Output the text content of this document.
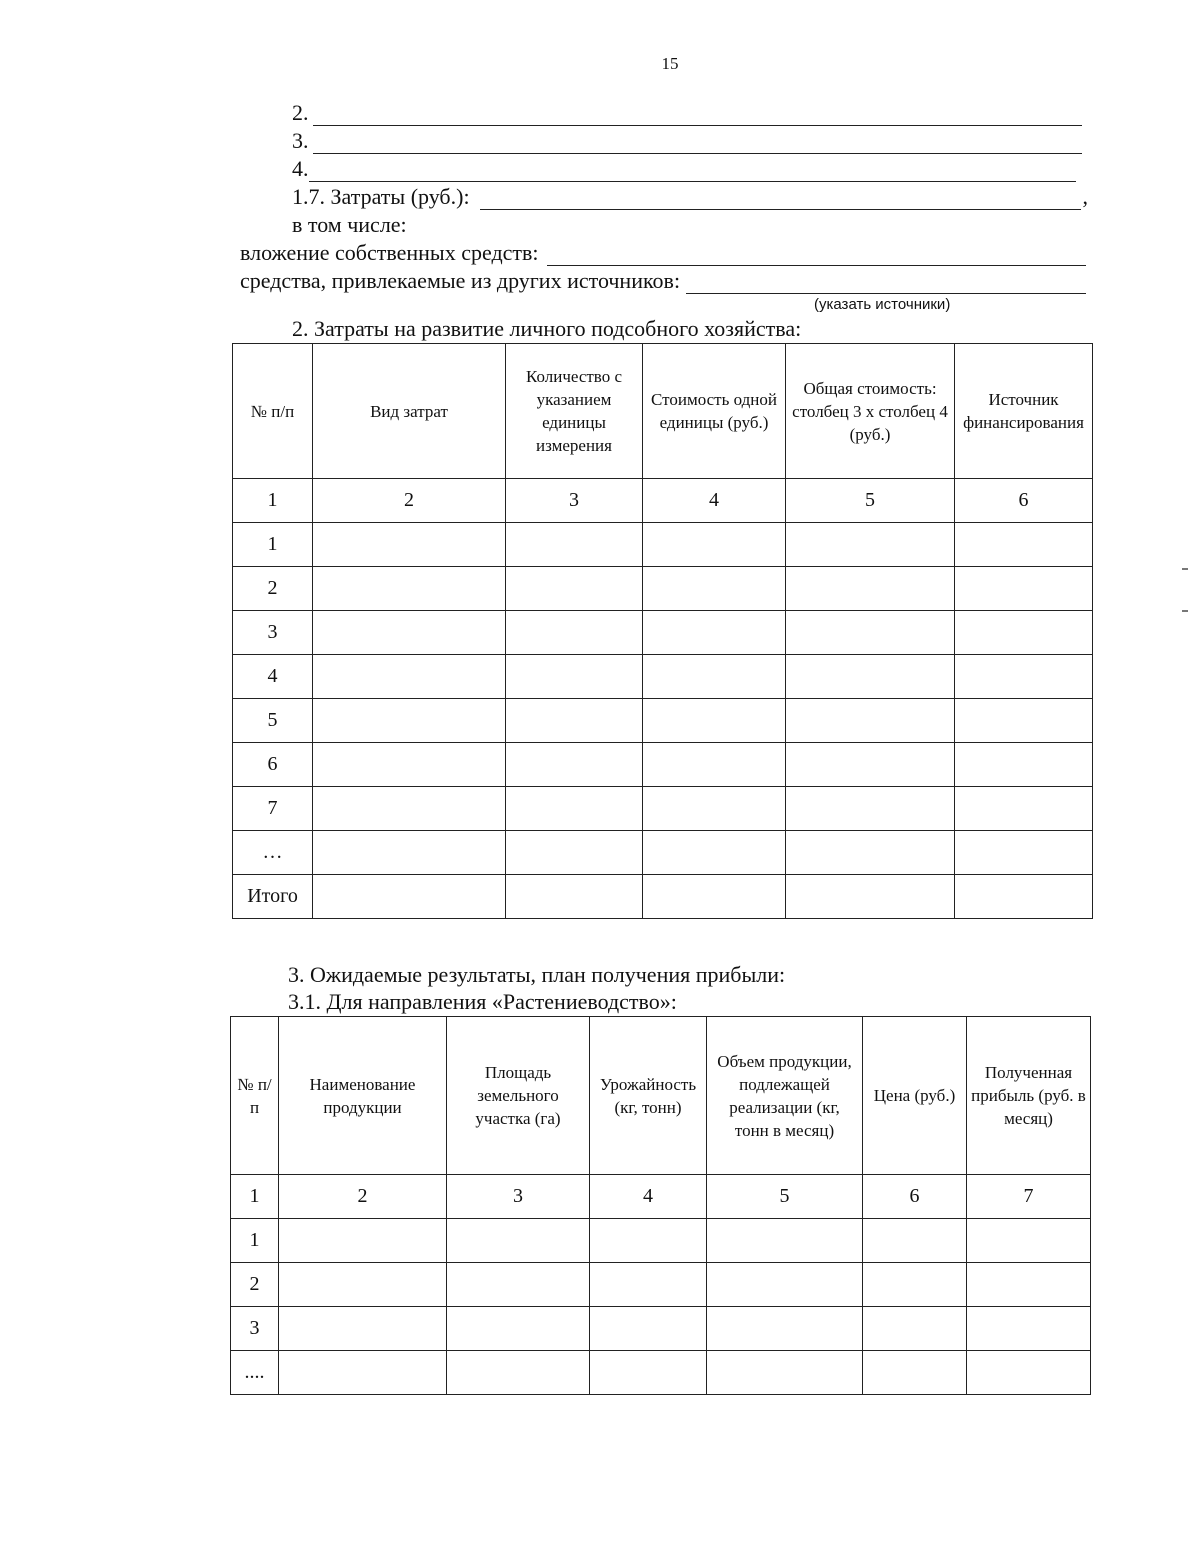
15
2.
3.
4.
1.7. Затраты (руб.):	,
в том числе:
вложение собственных средств:
средства, привлекаемые из других источников:
(указать источники)
2. Затраты на развитие личного подсобного хозяйства:
№ п/п	Вид затрат	Количество с указанием единицы измерения	Стоимость одной единицы (руб.)	Общая стоимость: столбец 3 х столбец 4 (руб.)	Источник финансирования
1	2	3	4	5	6
1					
2					
3					
4					
5					
6					
7					
…					
Итого					
3. Ожидаемые результаты, план получения прибыли:
3.1. Для направления «Растениеводство»:
№ п/п	Наименование продукции	Площадь земельного участка (га)	Урожайность (кг, тонн)	Объем продукции, подлежащей реализации (кг, тонн в месяц)	Цена (руб.)	Полученная прибыль (руб. в месяц)
1	2	3	4	5	6	7
1						
2						
3						
....						
